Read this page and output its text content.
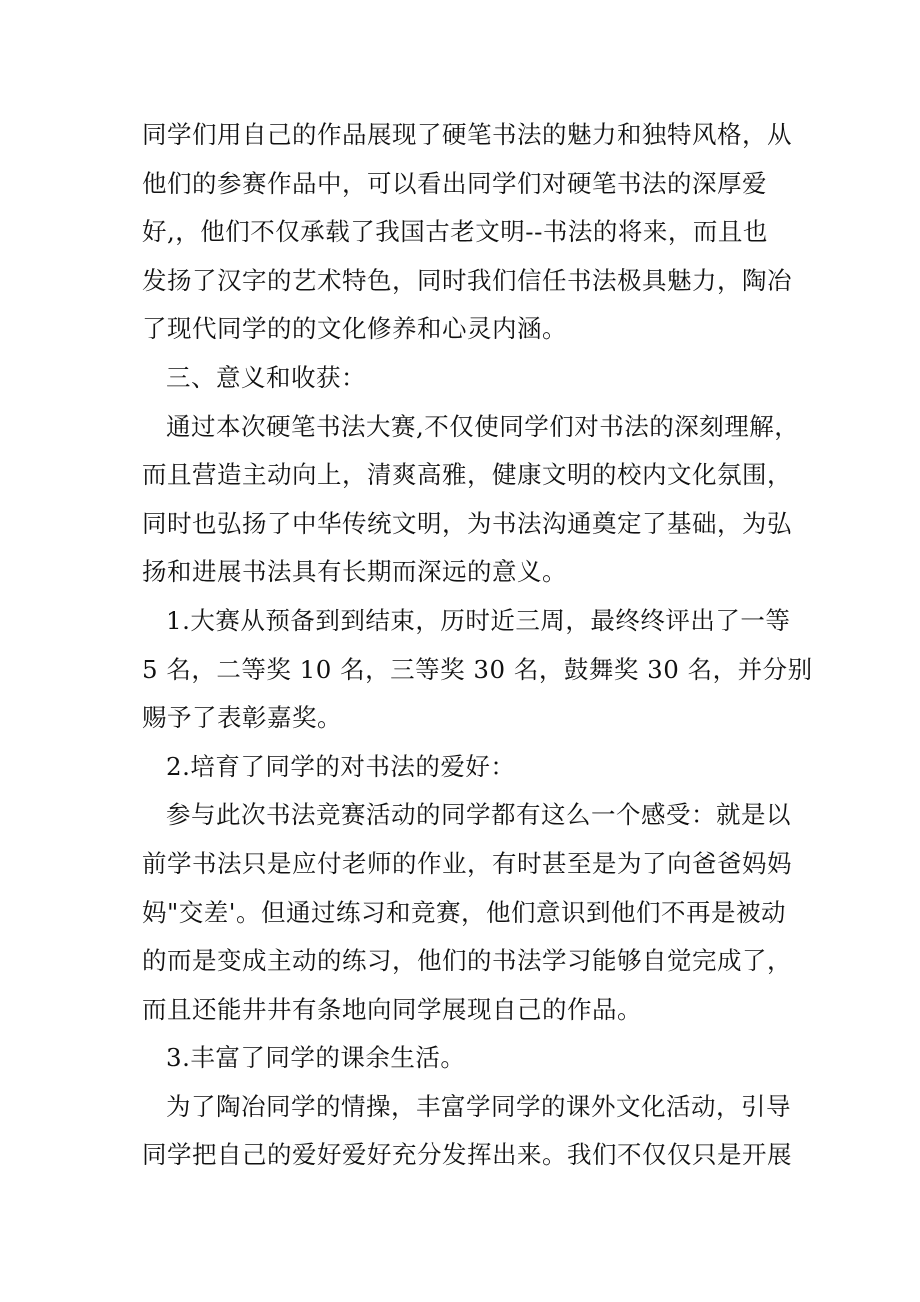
同学们用自己的作品展现了硬笔书法的魅力和独特风格，从
他们的参赛作品中，可以看出同学们对硬笔书法的深厚爱
好,，他们不仅承载了我国古老文明--书法的将来，而且也
发扬了汉字的艺术特色，同时我们信任书法极具魅力，陶冶
了现代同学的的文化修养和心灵内涵。
三、意义和收获：
通过本次硬笔书法大赛,不仅使同学们对书法的深刻理解，
而且营造主动向上，清爽高雅，健康文明的校内文化氛围，
同时也弘扬了中华传统文明，为书法沟通奠定了基础，为弘
扬和进展书法具有长期而深远的意义。
1.大赛从预备到到结束，历时近三周，最终终评出了一等
5 名，二等奖 10 名，三等奖 30 名，鼓舞奖 30 名，并分别
赐予了表彰嘉奖。
2.培育了同学的对书法的爱好：
参与此次书法竞赛活动的同学都有这么一个感受：就是以
前学书法只是应付老师的作业，有时甚至是为了向爸爸妈妈
妈"交差'。但通过练习和竞赛，他们意识到他们不再是被动
的而是变成主动的练习，他们的书法学习能够自觉完成了，
而且还能井井有条地向同学展现自己的作品。
3.丰富了同学的课余生活。
为了陶冶同学的情操，丰富学同学的课外文化活动，引导
同学把自己的爱好爱好充分发挥出来。我们不仅仅只是开展
